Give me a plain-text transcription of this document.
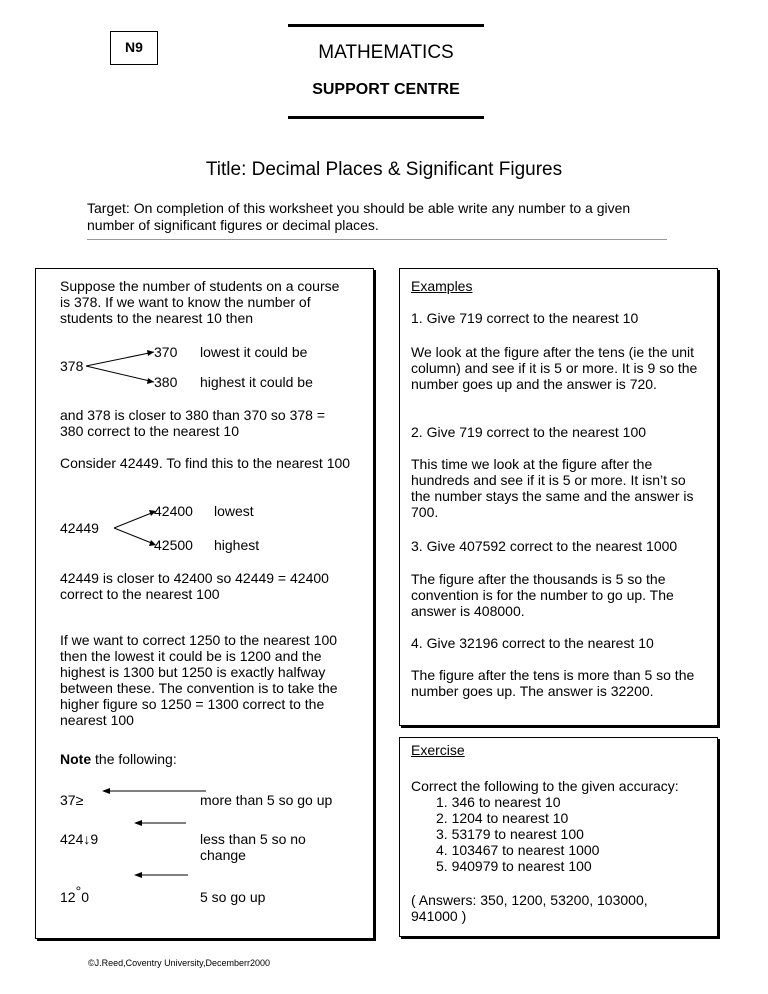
N9	MATHEMATICS
SUPPORT CENTRE
Title: Decimal Places & Significant Figures
Target: On completion of this worksheet you should be able write any number to a given number of significant figures or decimal places.
Suppose the number of students on a course is 378. If we want to know the number of students to the nearest 10 then
378
370 lowest it could be
380 highest it could be
and 378 is closer to 380 than 370 so 378 = 380 correct to the nearest 10
Consider 42449. To find this to the nearest 100
42449
42400 lowest
42500 highest
42449 is closer to 42400 so 42449 = 42400 correct to the nearest 100
If we want to correct 1250 to the nearest 100 then the lowest it could be is 1200 and the highest is 1300 but 1250 is exactly halfway between these. The convention is to take the higher figure so 1250 = 1300 correct to the nearest 100
Note the following:
37≥	more than 5 so go up
424↓9	less than 5 so no change
12°0	5 so go up
Examples
1. Give 719 correct to the nearest 10
We look at the figure after the tens (ie the unit column) and see if it is 5 or more. It is 9 so the number goes up and the answer is 720.
2. Give 719 correct to the nearest 100
This time we look at the figure after the hundreds and see if it is 5 or more. It isn’t so the number stays the same and the answer is 700.
3. Give 407592 correct to the nearest 1000
The figure after the thousands is 5 so the convention is for the number to go up. The answer is 408000.
4. Give 32196 correct to the nearest 10
The figure after the tens is more than 5 so the number goes up. The answer is 32200.
Exercise
Correct the following to the given accuracy:
1. 346 to nearest 10
2. 1204 to nearest 10
3. 53179 to nearest 100
4. 103467 to nearest 1000
5. 940979 to nearest 100
( Answers: 350, 1200, 53200, 103000, 941000 )
©J.Reed,Coventry University,Decemberr2000
